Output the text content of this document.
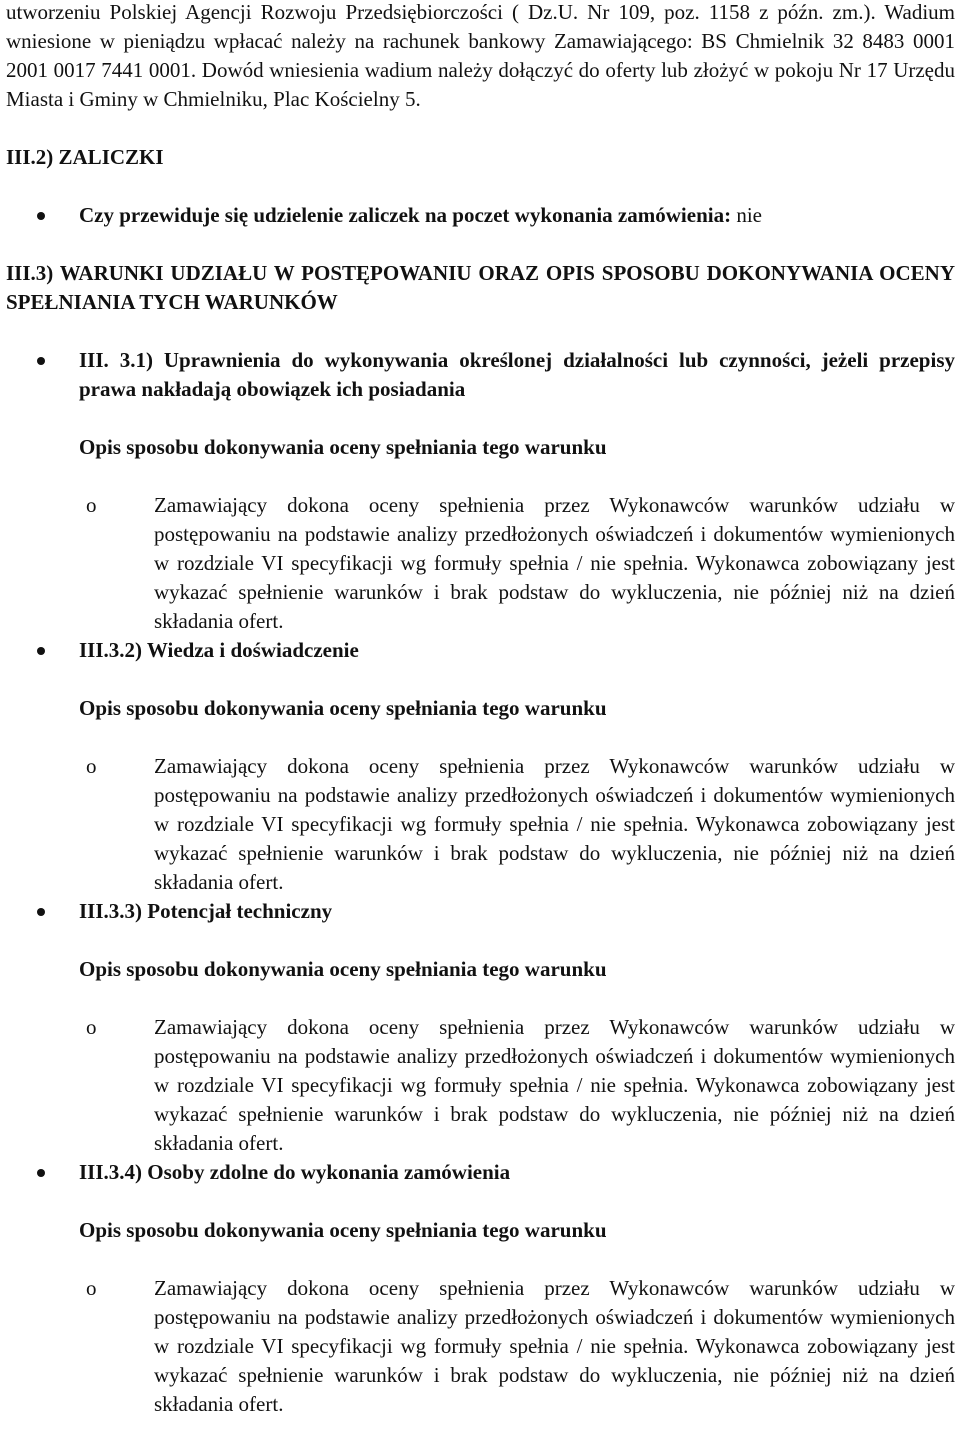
utworzeniu Polskiej Agencji Rozwoju Przedsiębiorczości ( Dz.U. Nr 109, poz. 1158 z późn. zm.). Wadium wniesione w pieniądzu wpłacać należy na rachunek bankowy Zamawiającego: BS Chmielnik 32 8483 0001 2001 0017 7441 0001. Dowód wniesienia wadium należy dołączyć do oferty lub złożyć w pokoju Nr 17 Urzędu Miasta i Gminy w Chmielniku, Plac Kościelny 5.

III.2) ZALICZKI

Czy przewiduje się udzielenie zaliczek na poczet wykonania zamówienia: nie

III.3) WARUNKI UDZIAŁU W POSTĘPOWANIU ORAZ OPIS SPOSOBU DOKONYWANIA OCENY SPEŁNIANIA TYCH WARUNKÓW

III. 3.1) Uprawnienia do wykonywania określonej działalności lub czynności, jeżeli przepisy prawa nakładają obowiązek ich posiadania

Opis sposobu dokonywania oceny spełniania tego warunku

o	Zamawiający dokona oceny spełnienia przez Wykonawców warunków udziału w postępowaniu na podstawie analizy przedłożonych oświadczeń i dokumentów wymienionych w rozdziale VI specyfikacji wg formuły spełnia / nie spełnia. Wykonawca zobowiązany jest wykazać spełnienie warunków i brak podstaw do wykluczenia, nie później niż na dzień składania ofert.
III.3.2) Wiedza i doświadczenie

Opis sposobu dokonywania oceny spełniania tego warunku

o	Zamawiający dokona oceny spełnienia przez Wykonawców warunków udziału w postępowaniu na podstawie analizy przedłożonych oświadczeń i dokumentów wymienionych w rozdziale VI specyfikacji wg formuły spełnia / nie spełnia. Wykonawca zobowiązany jest wykazać spełnienie warunków i brak podstaw do wykluczenia, nie później niż na dzień składania ofert.
III.3.3) Potencjał techniczny

Opis sposobu dokonywania oceny spełniania tego warunku

o	Zamawiający dokona oceny spełnienia przez Wykonawców warunków udziału w postępowaniu na podstawie analizy przedłożonych oświadczeń i dokumentów wymienionych w rozdziale VI specyfikacji wg formuły spełnia / nie spełnia. Wykonawca zobowiązany jest wykazać spełnienie warunków i brak podstaw do wykluczenia, nie później niż na dzień składania ofert.
III.3.4) Osoby zdolne do wykonania zamówienia

Opis sposobu dokonywania oceny spełniania tego warunku

o	Zamawiający dokona oceny spełnienia przez Wykonawców warunków udziału w postępowaniu na podstawie analizy przedłożonych oświadczeń i dokumentów wymienionych w rozdziale VI specyfikacji wg formuły spełnia / nie spełnia. Wykonawca zobowiązany jest wykazać spełnienie warunków i brak podstaw do wykluczenia, nie później niż na dzień składania ofert.
